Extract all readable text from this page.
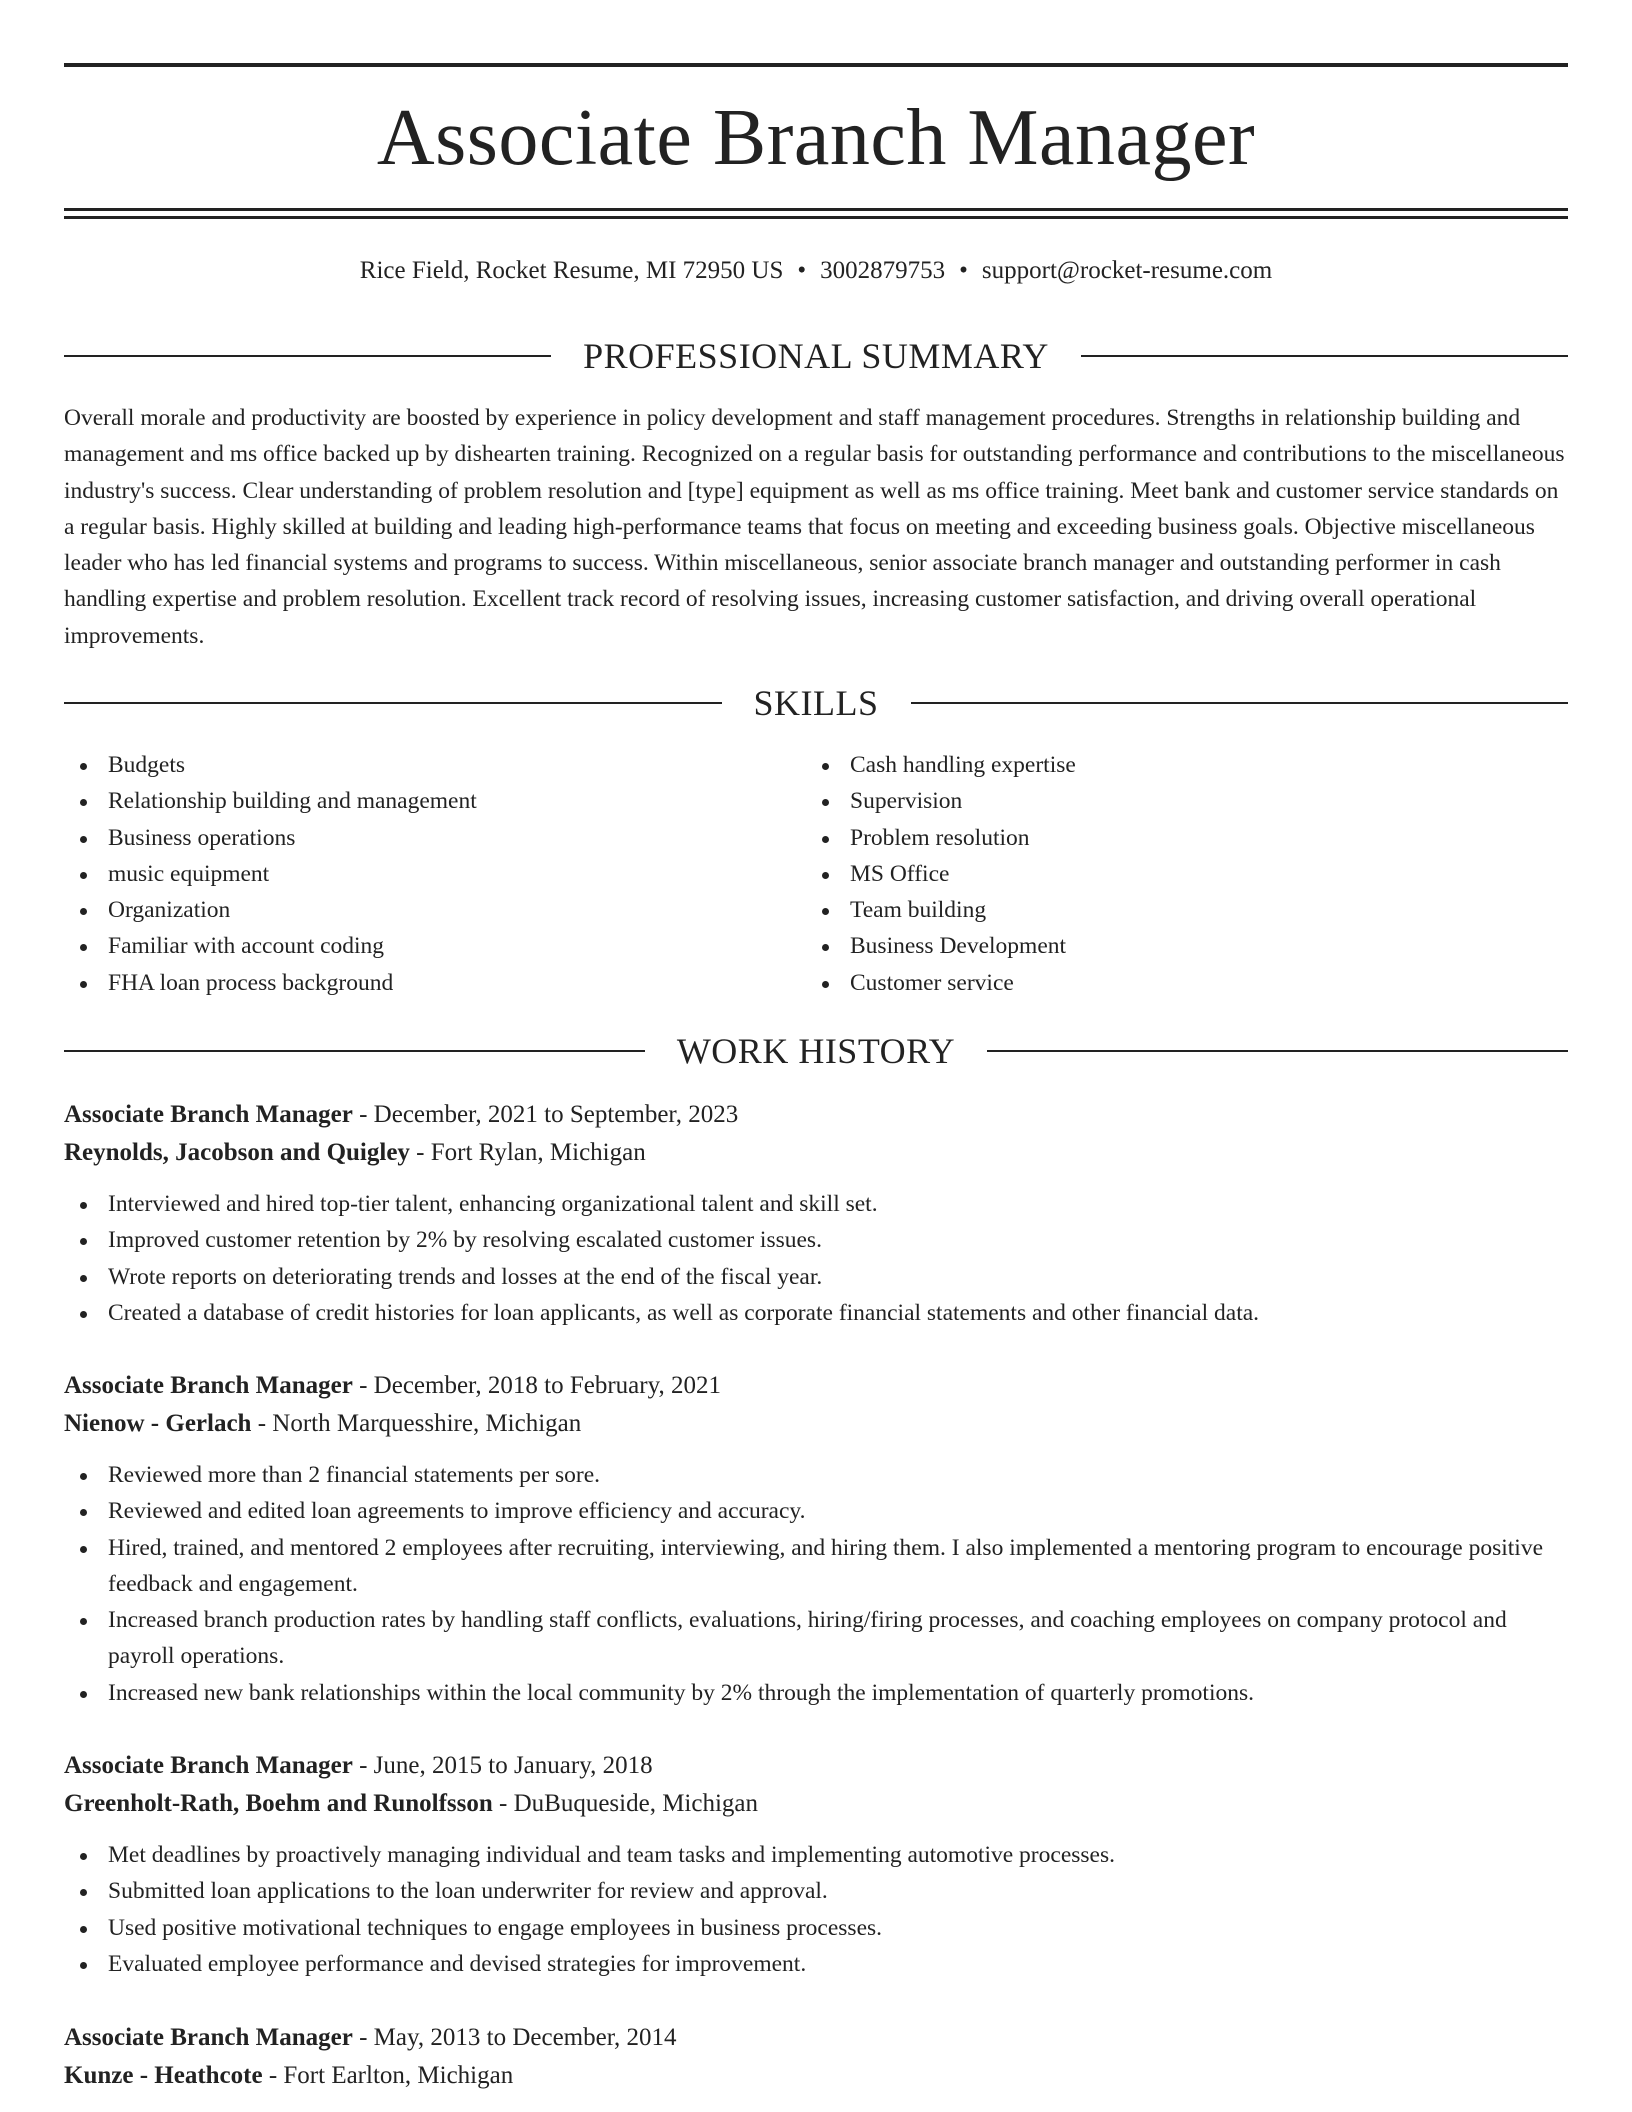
Associate Branch Manager
Rice Field, Rocket Resume, MI 72950 US • 3002879753 • support@rocket-resume.com
PROFESSIONAL SUMMARY

Overall morale and productivity are boosted by experience in policy development and staff management procedures. Strengths in relationship building and management and ms office backed up by dishearten training. Recognized on a regular basis for outstanding performance and contributions to the miscellaneous industry's success. Clear understanding of problem resolution and [type] equipment as well as ms office training. Meet bank and customer service standards on a regular basis. Highly skilled at building and leading high-performance teams that focus on meeting and exceeding business goals. Objective miscellaneous leader who has led financial systems and programs to success. Within miscellaneous, senior associate branch manager and outstanding performer in cash handling expertise and problem resolution. Excellent track record of resolving issues, increasing customer satisfaction, and driving overall operational improvements.

SKILLS
Budgets
Relationship building and management
Business operations
music equipment
Organization
Familiar with account coding
FHA loan process background
Cash handling expertise
Supervision
Problem resolution
MS Office
Team building
Business Development
Customer service
WORK HISTORY
Associate Branch Manager - December, 2021 to September, 2023
Reynolds, Jacobson and Quigley - Fort Rylan, Michigan
Interviewed and hired top-tier talent, enhancing organizational talent and skill set.
Improved customer retention by 2% by resolving escalated customer issues.
Wrote reports on deteriorating trends and losses at the end of the fiscal year.
Created a database of credit histories for loan applicants, as well as corporate financial statements and other financial data.
Associate Branch Manager - December, 2018 to February, 2021
Nienow - Gerlach - North Marquesshire, Michigan
Reviewed more than 2 financial statements per sore.
Reviewed and edited loan agreements to improve efficiency and accuracy.
Hired, trained, and mentored 2 employees after recruiting, interviewing, and hiring them. I also implemented a mentoring program to encourage positive feedback and engagement.
Increased branch production rates by handling staff conflicts, evaluations, hiring/firing processes, and coaching employees on company protocol and payroll operations.
Increased new bank relationships within the local community by 2% through the implementation of quarterly promotions.
Associate Branch Manager - June, 2015 to January, 2018
Greenholt-Rath, Boehm and Runolfsson - DuBuqueside, Michigan
Met deadlines by proactively managing individual and team tasks and implementing automotive processes.
Submitted loan applications to the loan underwriter for review and approval.
Used positive motivational techniques to engage employees in business processes.
Evaluated employee performance and devised strategies for improvement.
Associate Branch Manager - May, 2013 to December, 2014
Kunze - Heathcote - Fort Earlton, Michigan
